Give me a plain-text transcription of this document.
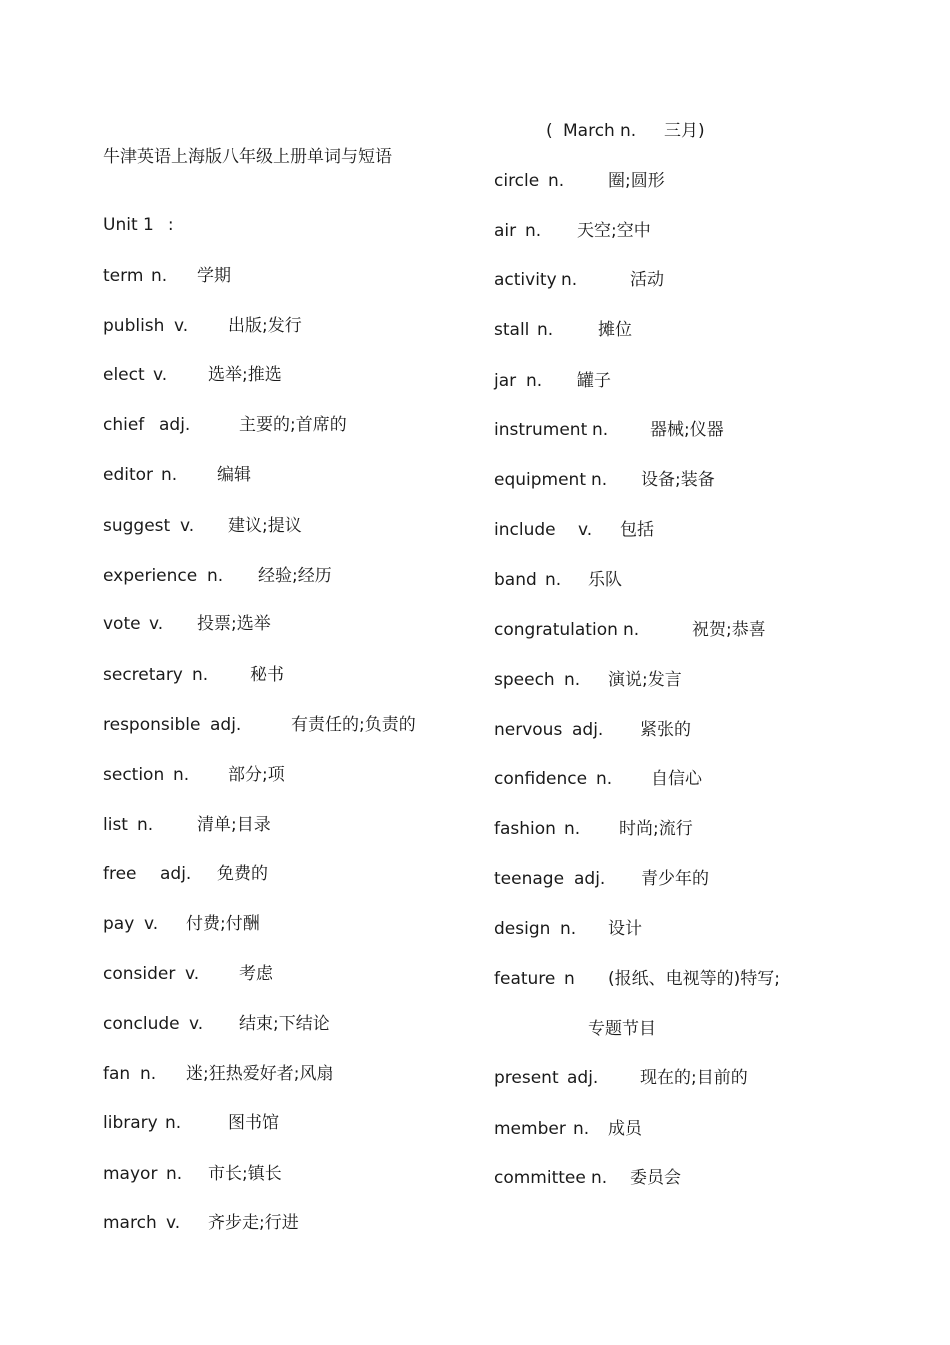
牛津英语上海版八年级上册单词与短语
Unit 1 :
term n. 学期
publish v. 出版;发行
elect v. 选举;推选
chief adj.	主要的;首席的
editor n. 编辑
suggest v. 建议;提议
experience n. 经验;经历
vote v. 投票;选举
secretary n. 秘书
responsible adj.	有责任的;负责的
section n. 部分;项
list n.	清单;目录
free adj. 免费的
pay v. 付费;付酬
consider v. 考虑
conclude v. 结束;下结论
fan n. 迷;狂热爱好者;风扇
library n.	图书馆
mayor n. 市长;镇长
march v. 齐步走;行进
( March n. 三月)
circle n.	圈;圆形
air n. 天空;空中
activity n.	活动
stall n.	摊位
jar n. 罐子
instrument n. 器械;仪器
equipment n. 设备;装备
include v. 包括
band n. 乐队
congratulation n.	祝贺;恭喜
speech n. 演说;发言
nervous adj. 紧张的
confidence n. 自信心
fashion n. 时尚;流行
teenage adj. 青少年的
design n. 设计
feature n (报纸、电视等的)特写;
专题节目
present adj. 现在的;目前的
member n. 成员
committee n. 委员会
